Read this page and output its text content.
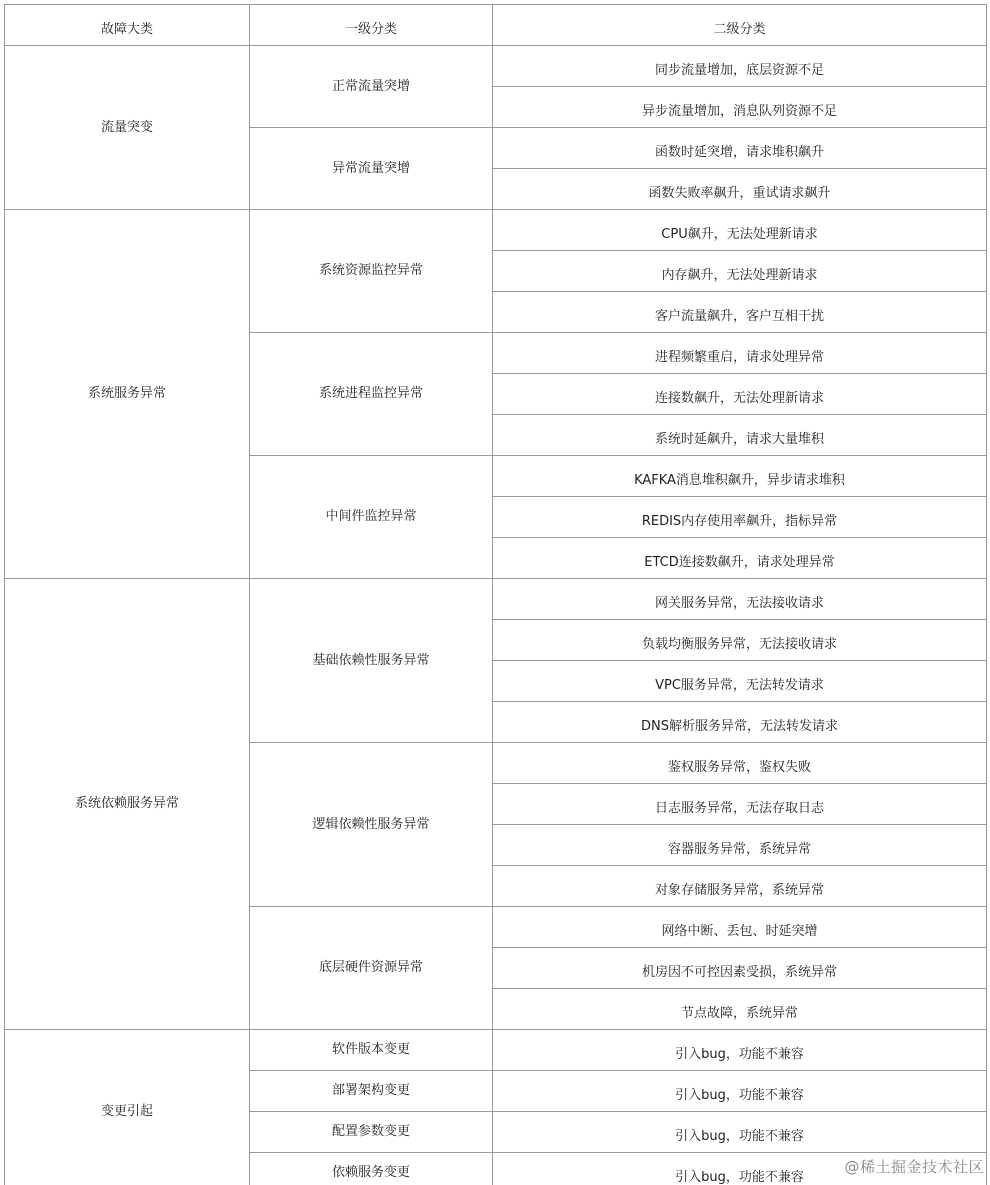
故障大类	一级分类	二级分类
流量突变	正常流量突增	同步流量增加，底层资源不足
		异步流量增加，消息队列资源不足
	异常流量突增	函数时延突增，请求堆积飙升
		函数失败率飙升，重试请求飙升
系统服务异常	系统资源监控异常	CPU飙升，无法处理新请求
		内存飙升，无法处理新请求
		客户流量飙升，客户互相干扰
	系统进程监控异常	进程频繁重启，请求处理异常
		连接数飙升，无法处理新请求
		系统时延飙升，请求大量堆积
	中间件监控异常	KAFKA消息堆积飙升，异步请求堆积
		REDIS内存使用率飙升，指标异常
		ETCD连接数飙升，请求处理异常
系统依赖服务异常	基础依赖性服务异常	网关服务异常，无法接收请求
		负载均衡服务异常，无法接收请求
		VPC服务异常，无法转发请求
		DNS解析服务异常，无法转发请求
	逻辑依赖性服务异常	鉴权服务异常，鉴权失败
		日志服务异常，无法存取日志
		容器服务异常，系统异常
		对象存储服务异常，系统异常
	底层硬件资源异常	网络中断、丢包、时延突增
		机房因不可控因素受损，系统异常
		节点故障，系统异常
变更引起	软件版本变更	引入bug，功能不兼容
	部署架构变更	引入bug，功能不兼容
	配置参数变更	引入bug，功能不兼容
	依赖服务变更	引入bug，功能不兼容
@稀土掘金技术社区
